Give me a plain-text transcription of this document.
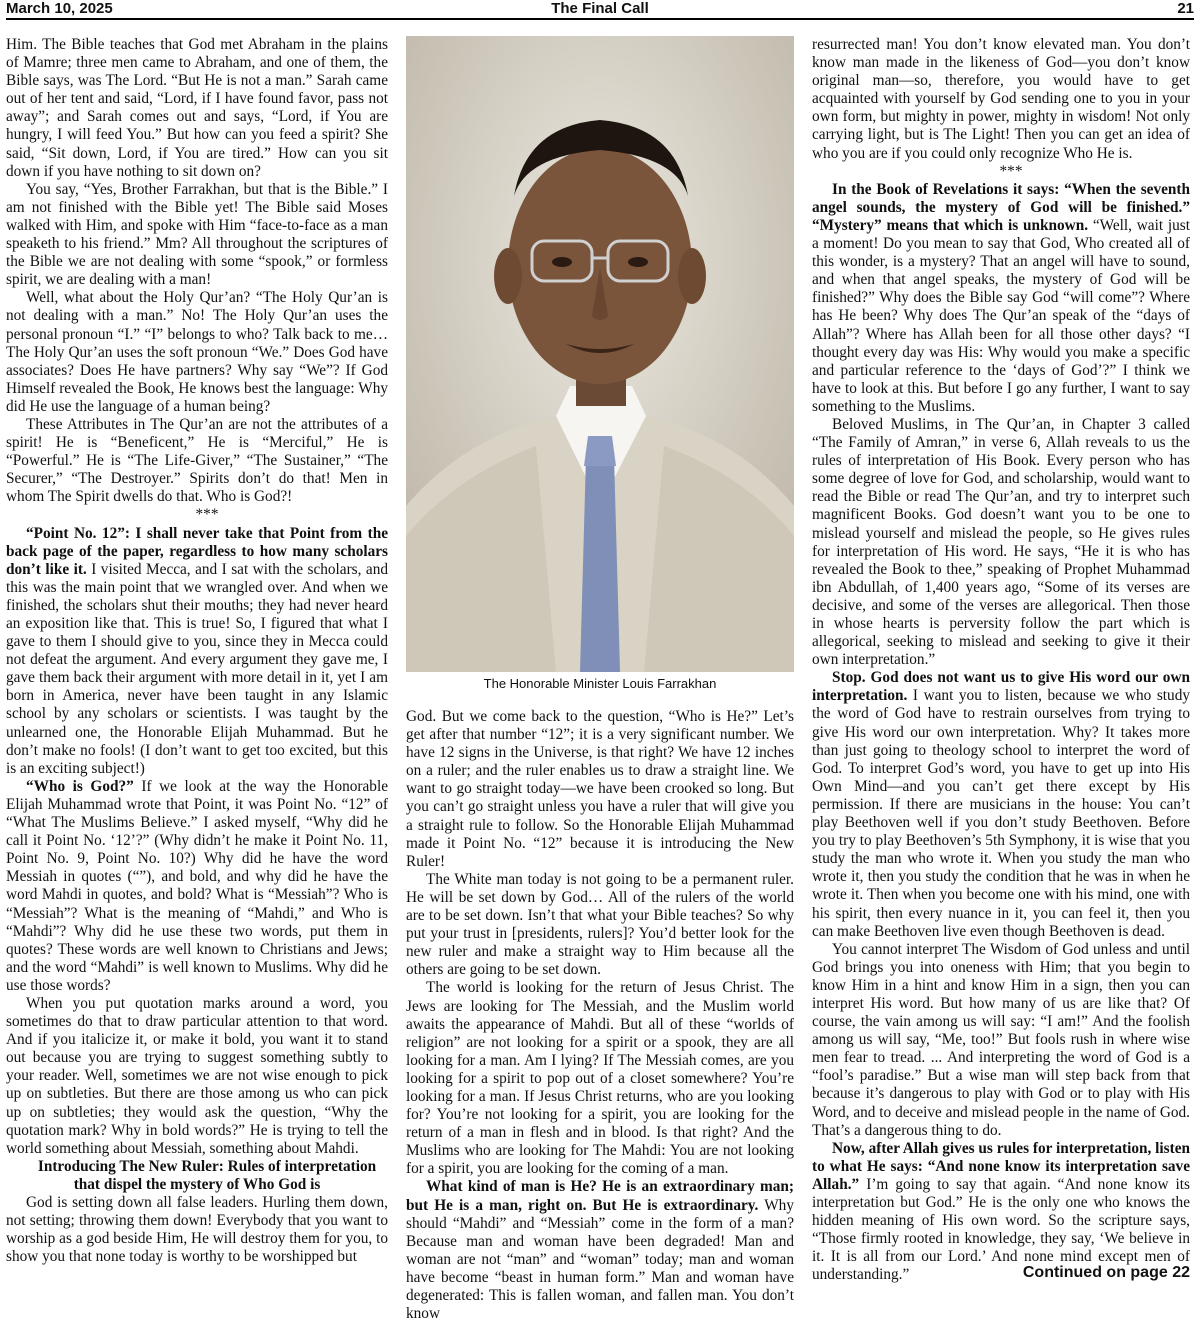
March 10, 2025	The Final Call	21

Him. The Bible teaches that God met Abraham in the plains of Mamre; three men came to Abraham, and one of them, the Bible says, was The Lord. “But He is not a man.” Sarah came out of her tent and said, “Lord, if I have found favor, pass not away”; and Sarah comes out and says, “Lord, if You are hungry, I will feed You.” But how can you feed a spirit? She said, “Sit down, Lord, if You are tired.” How can you sit down if you have nothing to sit down on?

You say, “Yes, Brother Farrakhan, but that is the Bible.” I am not finished with the Bible yet! The Bible said Moses walked with Him, and spoke with Him “face-to-face as a man speaketh to his friend.” Mm? All throughout the scriptures of the Bible we are not dealing with some “spook,” or formless spirit, we are dealing with a man!

Well, what about the Holy Qur’an? “The Holy Qur’an is not dealing with a man.” No! The Holy Qur’an uses the personal pronoun “I.” “I” belongs to who? Talk back to me… The Holy Qur’an uses the soft pronoun “We.” Does God have associates? Does He have partners? Why say “We”? If God Himself revealed the Book, He knows best the language: Why did He use the language of a human being?

These Attributes in The Qur’an are not the attributes of a spirit! He is “Beneficent,” He is “Merciful,” He is “Powerful.” He is “The Life-Giver,” “The Sustainer,” “The Securer,” “The Destroyer.” Spirits don’t do that! Men in whom The Spirit dwells do that. Who is God?!

***

“Point No. 12”: I shall never take that Point from the back page of the paper, regardless to how many scholars don’t like it. I visited Mecca, and I sat with the scholars, and this was the main point that we wrangled over. And when we finished, the scholars shut their mouths; they had never heard an exposition like that. This is true! So, I figured that what I gave to them I should give to you, since they in Mecca could not defeat the argument. And every argument they gave me, I gave them back their argument with more detail in it, yet I am born in America, never have been taught in any Islamic school by any scholars or scientists. I was taught by the unlearned one, the Honorable Elijah Muhammad. But he don’t make no fools! (I don’t want to get too excited, but this is an exciting subject!)

“Who is God?” If we look at the way the Honorable Elijah Muhammad wrote that Point, it was Point No. “12” of “What The Muslims Believe.” I asked myself, “Why did he call it Point No. ‘12’?” (Why didn’t he make it Point No. 11, Point No. 9, Point No. 10?) Why did he have the word Messiah in quotes (“”), and bold, and why did he have the word Mahdi in quotes, and bold? What is “Messiah”? Who is “Messiah”? What is the meaning of “Mahdi,” and Who is “Mahdi”? Why did he use these two words, put them in quotes? These words are well known to Christians and Jews; and the word “Mahdi” is well known to Muslims. Why did he use those words?

When you put quotation marks around a word, you sometimes do that to draw particular attention to that word. And if you italicize it, or make it bold, you want it to stand out because you are trying to suggest something subtly to your reader. Well, sometimes we are not wise enough to pick up on subtleties. But there are those among us who can pick up on subtleties; they would ask the question, “Why the quotation mark? Why in bold words?” He is trying to tell the world something about Messiah, something about Mahdi.

Introducing The New Ruler: Rules of interpretation that dispel the mystery of Who God is

God is setting down all false leaders. Hurling them down, not setting; throwing them down! Everybody that you want to worship as a god beside Him, He will destroy them for you, to show you that none today is worthy to be worshipped but

The Honorable Minister Louis Farrakhan

God. But we come back to the question, “Who is He?” Let’s get after that number “12”; it is a very significant number. We have 12 signs in the Universe, is that right? We have 12 inches on a ruler; and the ruler enables us to draw a straight line. We want to go straight today—we have been crooked so long. But you can’t go straight unless you have a ruler that will give you a straight rule to follow. So the Honorable Elijah Muhammad made it Point No. “12” because it is introducing the New Ruler!

The White man today is not going to be a permanent ruler. He will be set down by God… All of the rulers of the world are to be set down. Isn’t that what your Bible teaches? So why put your trust in [presidents, rulers]? You’d better look for the new ruler and make a straight way to Him because all the others are going to be set down.

The world is looking for the return of Jesus Christ. The Jews are looking for The Messiah, and the Muslim world awaits the appearance of Mahdi. But all of these “worlds of religion” are not looking for a spirit or a spook, they are all looking for a man. Am I lying? If The Messiah comes, are you looking for a spirit to pop out of a closet somewhere? You’re looking for a man. If Jesus Christ returns, who are you looking for? You’re not looking for a spirit, you are looking for the return of a man in flesh and in blood. Is that right? And the Muslims who are looking for The Mahdi: You are not looking for a spirit, you are looking for the coming of a man.

What kind of man is He? He is an extraordinary man; but He is a man, right on. But He is extraordinary. Why should “Mahdi” and “Messiah” come in the form of a man? Because man and woman have been degraded! Man and woman are not “man” and “woman” today; man and woman have become “beast in human form.” Man and woman have degenerated: This is fallen woman, and fallen man. You don’t know

resurrected man! You don’t know elevated man. You don’t know man made in the likeness of God—you don’t know original man—so, therefore, you would have to get acquainted with yourself by God sending one to you in your own form, but mighty in power, mighty in wisdom! Not only carrying light, but is The Light! Then you can get an idea of who you are if you could only recognize Who He is.

***

In the Book of Revelations it says: “When the seventh angel sounds, the mystery of God will be finished.” “Mystery” means that which is unknown. “Well, wait just a moment! Do you mean to say that God, Who created all of this wonder, is a mystery? That an angel will have to sound, and when that angel speaks, the mystery of God will be finished?” Why does the Bible say God “will come”? Where has He been? Why does The Qur’an speak of the “days of Allah”? Where has Allah been for all those other days? “I thought every day was His: Why would you make a specific and particular reference to the ‘days of God’?” I think we have to look at this. But before I go any further, I want to say something to the Muslims.

Beloved Muslims, in The Qur’an, in Chapter 3 called “The Family of Amran,” in verse 6, Allah reveals to us the rules of interpretation of His Book. Every person who has some degree of love for God, and scholarship, would want to read the Bible or read The Qur’an, and try to interpret such magnificent Books. God doesn’t want you to be one to mislead yourself and mislead the people, so He gives rules for interpretation of His word. He says, “He it is who has revealed the Book to thee,” speaking of Prophet Muhammad ibn Abdullah, of 1,400 years ago, “Some of its verses are decisive, and some of the verses are allegorical. Then those in whose hearts is perversity follow the part which is allegorical, seeking to mislead and seeking to give it their own interpretation.”

Stop. God does not want us to give His word our own interpretation. I want you to listen, because we who study the word of God have to restrain ourselves from trying to give His word our own interpretation. Why? It takes more than just going to theology school to interpret the word of God. To interpret God’s word, you have to get up into His Own Mind—and you can’t get there except by His permission. If there are musicians in the house: You can’t play Beethoven well if you don’t study Beethoven. Before you try to play Beethoven’s 5th Symphony, it is wise that you study the man who wrote it. When you study the man who wrote it, then you study the condition that he was in when he wrote it. Then when you become one with his mind, one with his spirit, then every nuance in it, you can feel it, then you can make Beethoven live even though Beethoven is dead.

You cannot interpret The Wisdom of God unless and until God brings you into oneness with Him; that you begin to know Him in a hint and know Him in a sign, then you can interpret His word. But how many of us are like that? Of course, the vain among us will say: “I am!” And the foolish among us will say, “Me, too!” But fools rush in where wise men fear to tread. ... And interpreting the word of God is a “fool’s paradise.” But a wise man will step back from that because it’s dangerous to play with God or to play with His Word, and to deceive and mislead people in the name of God. That’s a dangerous thing to do.

Now, after Allah gives us rules for interpretation, listen to what He says: “And none know its interpretation save Allah.” I’m going to say that again. “And none know its interpretation but God.” He is the only one who knows the hidden meaning of His own word. So the scripture says, “Those firmly rooted in knowledge, they say, ‘We believe in it. It is all from our Lord.’ And none mind except men of understanding.”	Continued on page 22
